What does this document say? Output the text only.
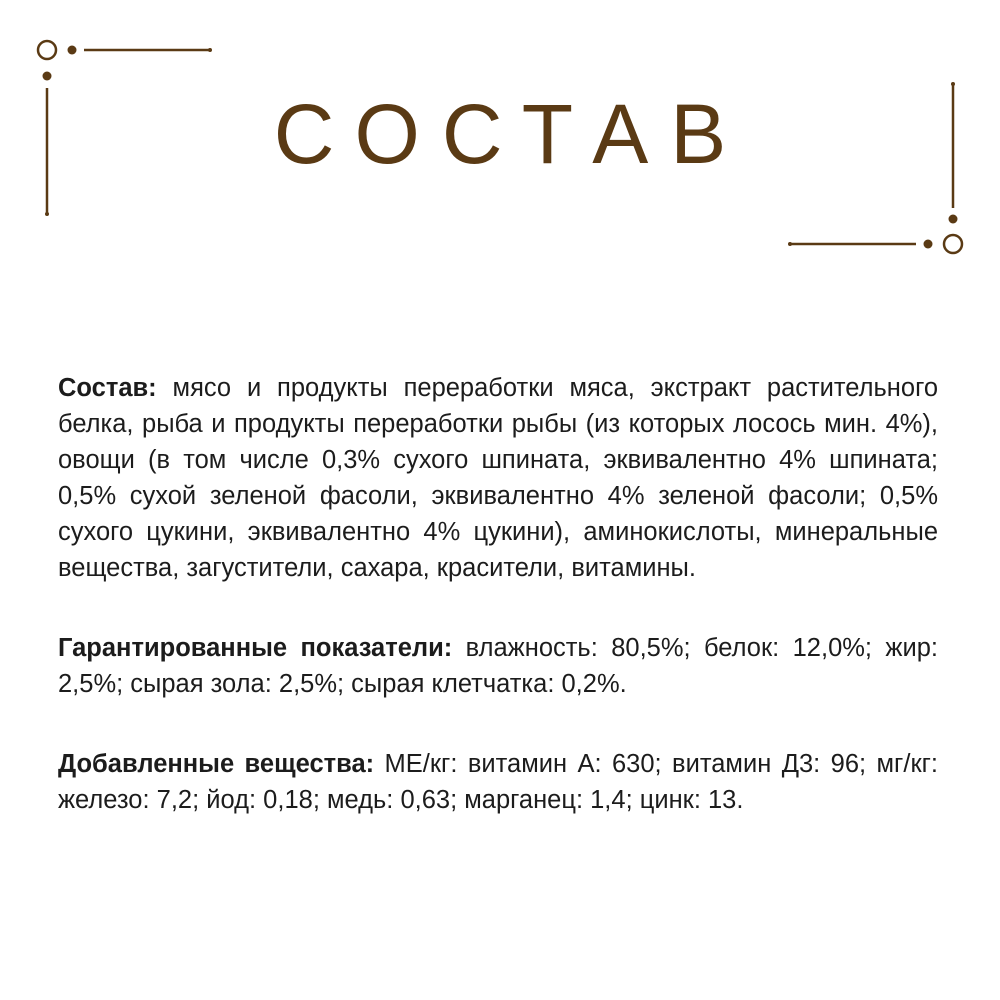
СОСТАВ

Состав: мясо и продукты переработки мяса, экстракт растительного белка, рыба и продукты переработки рыбы (из которых лосось мин. 4%), овощи (в том числе 0,3% сухого шпината, эквивалентно 4% шпината; 0,5% сухой зеленой фасоли, эквивалентно 4% зеленой фасоли; 0,5% сухого цукини, эквивалентно 4% цукини), аминокислоты, минеральные вещества, загустители, сахара, красители, витамины.

Гарантированные показатели: влажность: 80,5%; белок: 12,0%; жир: 2,5%; сырая зола: 2,5%; сырая клетчатка: 0,2%.

Добавленные вещества: МЕ/кг: витамин А: 630; витамин Д3: 96; мг/кг: железо: 7,2; йод: 0,18; медь: 0,63; марганец: 1,4; цинк: 13.
